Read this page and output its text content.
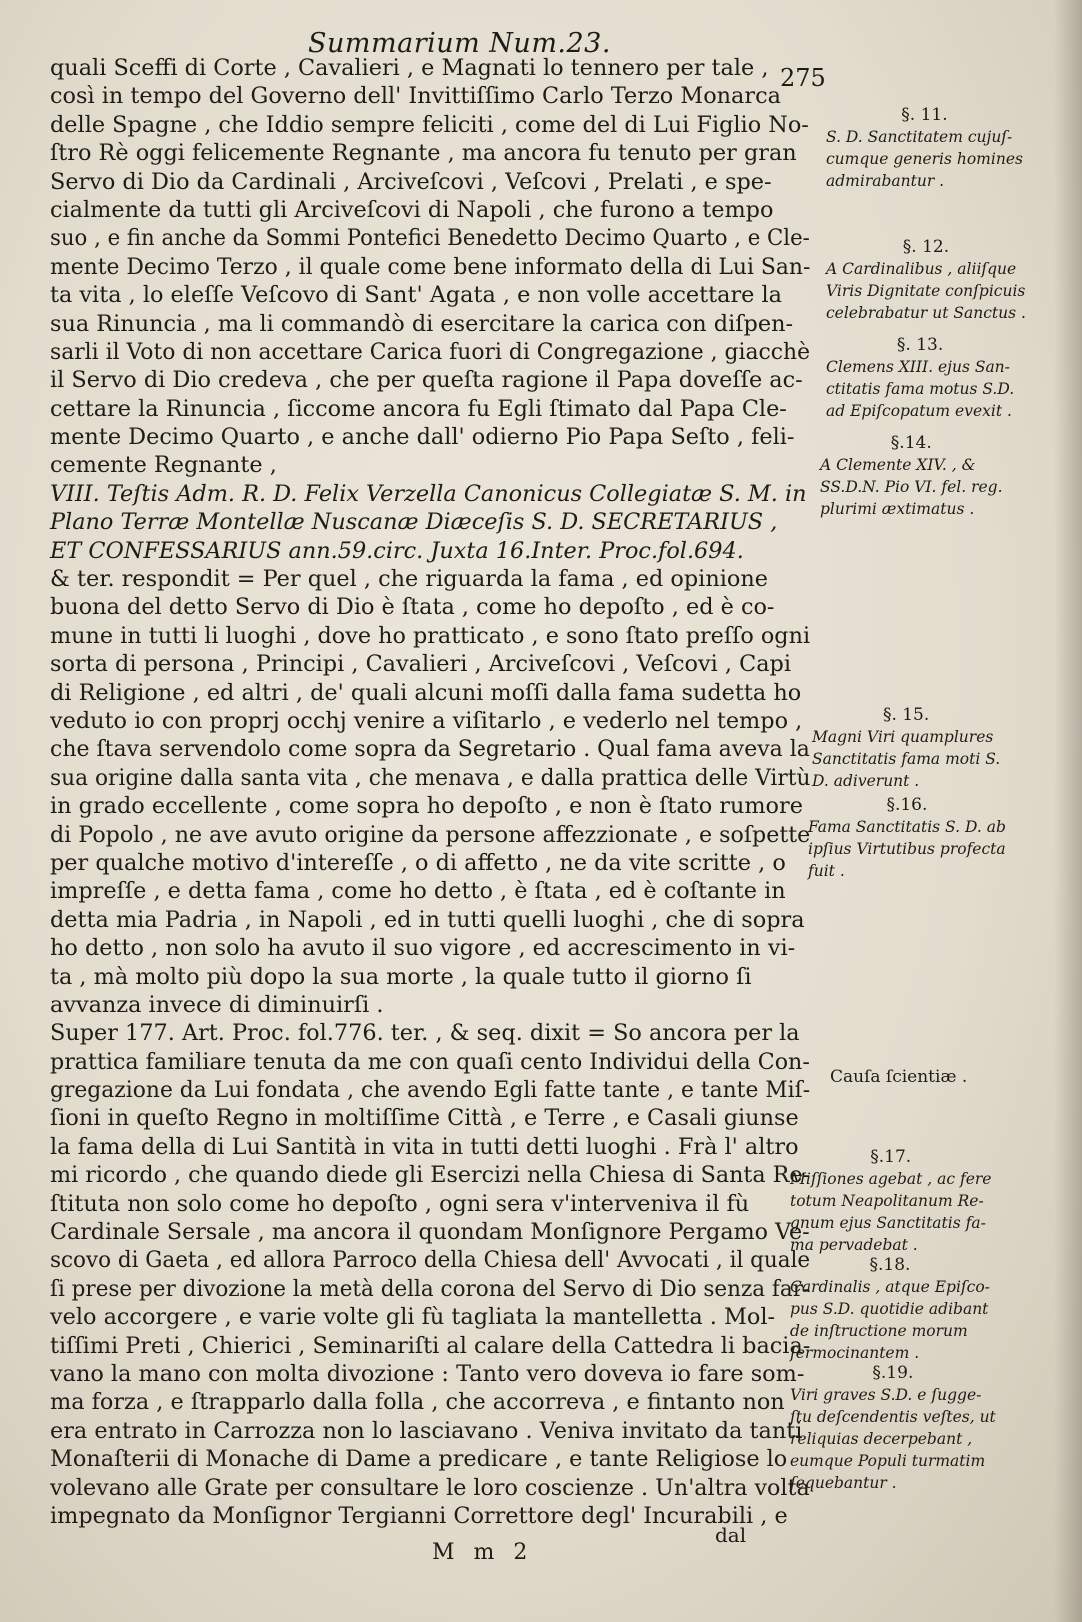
Summarium Num.23.
275
quali Sceffi di Corte , Cavalieri , e Magnati lo tennero per tale ,
così in tempo del Governo dell' Invittiſſimo Carlo Terzo Monarca
delle Spagne , che Iddio sempre feliciti , come del di Lui Figlio No-
ſtro Rè oggi felicemente Regnante , ma ancora fu tenuto per gran
Servo di Dio da Cardinali , Arciveſcovi , Veſcovi , Prelati , e spe-
cialmente da tutti gli Arciveſcovi di Napoli , che furono a tempo
suo , e fin anche da Sommi Pontefici Benedetto Decimo Quarto , e Cle-
mente Decimo Terzo , il quale come bene informato della di Lui San-
ta vita , lo eleſſe Veſcovo di Sant' Agata , e non volle accettare la
sua Rinuncia , ma li commandò di esercitare la carica con diſpen-
sarli il Voto di non accettare Carica fuori di Congregazione , giacchè
il Servo di Dio credeva , che per queſta ragione il Papa doveſſe ac-
cettare la Rinuncia , ſiccome ancora fu Egli ſtimato dal Papa Cle-
mente Decimo Quarto , e anche dall' odierno Pio Papa Seſto , feli-
cemente Regnante ,
VIII. Teſtis Adm. R. D. Felix Verzella Canonicus Collegiatæ S. M. in
Plano Terræ Montellæ Nuscanæ Diæceſis S. D. SECRETARIUS ,
ET CONFESSARIUS ann.59.circ. Juxta 16.Inter. Proc.fol.694.
& ter. respondit = Per quel , che riguarda la fama , ed opinione
buona del detto Servo di Dio è ſtata , come ho depoſto , ed è co-
mune in tutti li luoghi , dove ho pratticato , e sono ſtato preſſo ogni
sorta di persona , Principi , Cavalieri , Arciveſcovi , Veſcovi , Capi
di Religione , ed altri , de' quali alcuni moſſi dalla fama sudetta ho
veduto io con proprj occhj venire a viſitarlo , e vederlo nel tempo ,
che ſtava servendolo come sopra da Segretario . Qual fama aveva la
sua origine dalla santa vita , che menava , e dalla prattica delle Virtù
in grado eccellente , come sopra ho depoſto , e non è ſtato rumore
di Popolo , ne ave avuto origine da persone affezzionate , e soſpette
per qualche motivo d'intereſſe , o di affetto , ne da vite scritte , o
impreſſe , e detta fama , come ho detto , è ſtata , ed è coſtante in
detta mia Padria , in Napoli , ed in tutti quelli luoghi , che di sopra
ho detto , non solo ha avuto il suo vigore , ed accrescimento in vi-
ta , mà molto più dopo la sua morte , la quale tutto il giorno ſi
avvanza invece di diminuirſi .
Super 177. Art. Proc. fol.776. ter. , & seq. dixit = So ancora per la
prattica familiare tenuta da me con quaſi cento Individui della Con-
gregazione da Lui fondata , che avendo Egli fatte tante , e tante Miſ-
ſioni in queſto Regno in moltiſſime Città , e Terre , e Casali giunse
la fama della di Lui Santità in vita in tutti detti luoghi . Frà l' altro
mi ricordo , che quando diede gli Esercizi nella Chiesa di Santa Re-
ſtituta non solo come ho depoſto , ogni sera v'interveniva il fù
Cardinale Sersale , ma ancora il quondam Monſignore Pergamo Ve-
scovo di Gaeta , ed allora Parroco della Chiesa dell' Avvocati , il quale
ſi prese per divozione la metà della corona del Servo di Dio senza far-
velo accorgere , e varie volte gli fù tagliata la mantelletta . Mol-
tiſſimi Preti , Chierici , Seminariſti al calare della Cattedra li bacia-
vano la mano con molta divozione : Tanto vero doveva io fare som-
ma forza , e ſtrapparlo dalla folla , che accorreva , e fintanto non
era entrato in Carrozza non lo lasciavano . Veniva invitato da tanti
Monaſterii di Monache di Dame a predicare , e tante Religiose lo
volevano alle Grate per consultare le loro coscienze . Un'altra volta
impegnato da Monſignor Tergianni Correttore degl' Incurabili , e
§. 11.
S. D. Sanctitatem cujuſ-
cumque generis homines
admirabantur .
§. 12.
A Cardinalibus , aliiſque
Viris Dignitate conſpicuis
celebrabatur ut Sanctus .
§. 13.
Clemens XIII. ejus San-
ctitatis fama motus S.D.
ad Epiſcopatum evexit .
§.14.
A Clemente XIV. , &
SS.D.N. Pio VI. fel. reg.
plurimi æxtimatus .
§. 15.
Magni Viri quamplures
Sanctitatis fama moti S.
D. adiverunt .
§.16.
Fama Sanctitatis S. D. ab
ipſius Virtutibus profecta
fuit .
Cauſa ſcientiæ .
§.17.
Miſſiones agebat , ac fere
totum Neapolitanum Re-
gnum ejus Sanctitatis fa-
ma pervadebat .
§.18.
Cardinalis , atque Epiſco-
pus S.D. quotidie adibant
de inſtructione morum
ſermocinantem .
§.19.
Viri graves S.D. e ſugge-
ſtu deſcendentis veſtes, ut
reliquias decerpebant ,
eumque Populi turmatim
ſequebantur .
dal
M m 2
